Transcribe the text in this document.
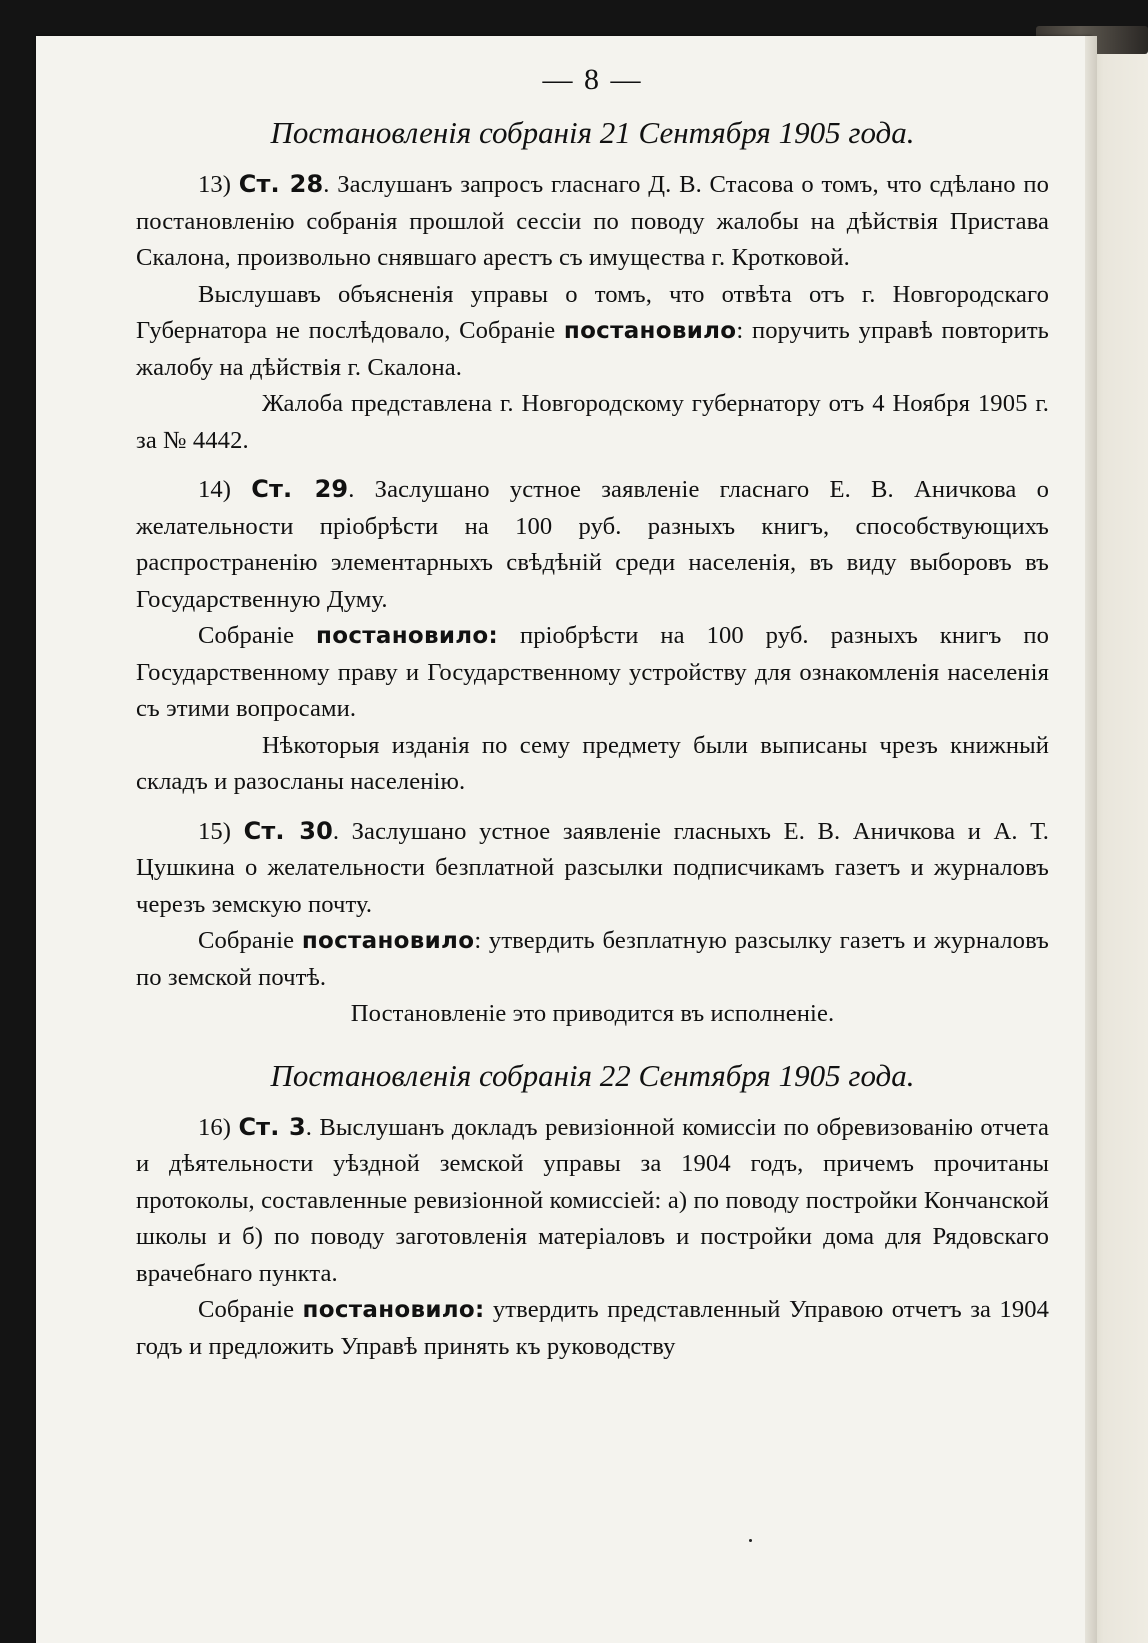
— 8 —
Постановленія собранія 21 Сентября 1905 года.

13) Ст. 28. Заслушанъ запросъ гласнаго Д. В. Стасова о томъ, что сдѣлано по постановленію собранія прошлой сессіи по поводу жалобы на дѣйствія Пристава Скалона, произвольно снявшаго арестъ съ имущества г. Кротковой.

Выслушавъ объясненія управы о томъ, что отвѣта отъ г. Новгородскаго Губернатора не послѣдовало, Собраніе постановило: поручить управѣ повторить жалобу на дѣйствія г. Скалона.

Жалоба представлена г. Новгородскому губернатору отъ 4 Ноября 1905 г. за № 4442.

14) Ст. 29. Заслушано устное заявленіе гласнаго Е. В. Аничкова о желательности пріобрѣсти на 100 руб. разныхъ книгъ, способствующихъ распространенію элементарныхъ свѣдѣній среди населенія, въ виду выборовъ въ Государственную Думу.

Собраніе постановило: пріобрѣсти на 100 руб. разныхъ книгъ по Государственному праву и Государственному устройству для ознакомленія населенія съ этими вопросами.

Нѣкоторыя изданія по сему предмету были выписаны чрезъ книжный складъ и разосланы населенію.

15) Ст. 30. Заслушано устное заявленіе гласныхъ Е. В. Аничкова и А. Т. Цушкина о желательности безплатной разсылки подписчикамъ газетъ и журналовъ черезъ земскую почту.

Собраніе постановило: утвердить безплатную разсылку газетъ и журналовъ по земской почтѣ.

Постановленіе это приводится въ исполненіе.

Постановленія собранія 22 Сентября 1905 года.

16) Ст. 3. Выслушанъ докладъ ревизіонной комиссіи по обревизованію отчета и дѣятельности уѣздной земской управы за 1904 годъ, причемъ прочитаны протоколы, составленные ревизіонной комиссіей: а) по поводу постройки Кончанской школы и б) по поводу заготовленія матеріаловъ и постройки дома для Рядовскаго врачебнаго пункта.

Собраніе постановило: утвердить представленный Управою отчетъ за 1904 годъ и предложить Управѣ принять къ руководству
